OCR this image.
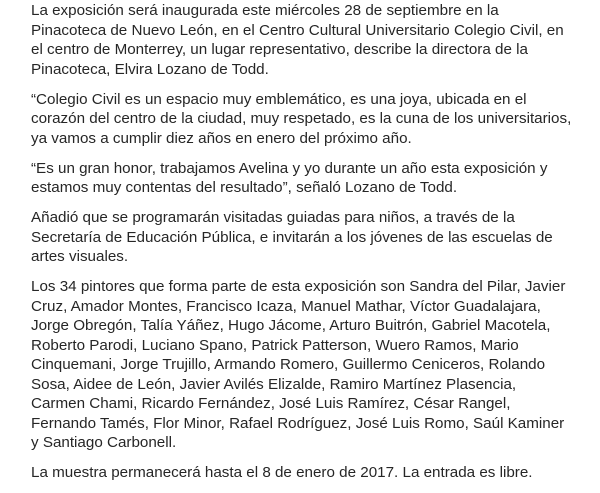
La exposición será inaugurada este miércoles 28 de septiembre en la
Pinacoteca de Nuevo León, en el Centro Cultural Universitario Colegio Civil, en
el centro de Monterrey, un lugar representativo, describe la directora de la
Pinacoteca, Elvira Lozano de Todd.

“Colegio Civil es un espacio muy emblemático, es una joya, ubicada en el
corazón del centro de la ciudad, muy respetado, es la cuna de los universitarios,
ya vamos a cumplir diez años en enero del próximo año.

“Es un gran honor, trabajamos Avelina y yo durante un año esta exposición y
estamos muy contentas del resultado”, señaló Lozano de Todd.

Añadió que se programarán visitadas guiadas para niños, a través de la
Secretaría de Educación Pública, e invitarán a los jóvenes de las escuelas de
artes visuales.

Los 34 pintores que forma parte de esta exposición son Sandra del Pilar, Javier
Cruz, Amador Montes, Francisco Icaza, Manuel Mathar, Víctor Guadalajara,
Jorge Obregón, Talía Yáñez, Hugo Jácome, Arturo Buitrón, Gabriel Macotela,
Roberto Parodi, Luciano Spano, Patrick Patterson, Wuero Ramos, Mario
Cinquemani, Jorge Trujillo, Armando Romero, Guillermo Ceniceros, Rolando
Sosa, Aidee de León, Javier Avilés Elizalde, Ramiro Martínez Plasencia,
Carmen Chami, Ricardo Fernández, José Luis Ramírez, César Rangel,
Fernando Tamés, Flor Minor, Rafael Rodríguez, José Luis Romo, Saúl Kaminer
y Santiago Carbonell.

La muestra permanecerá hasta el 8 de enero de 2017. La entrada es libre.
